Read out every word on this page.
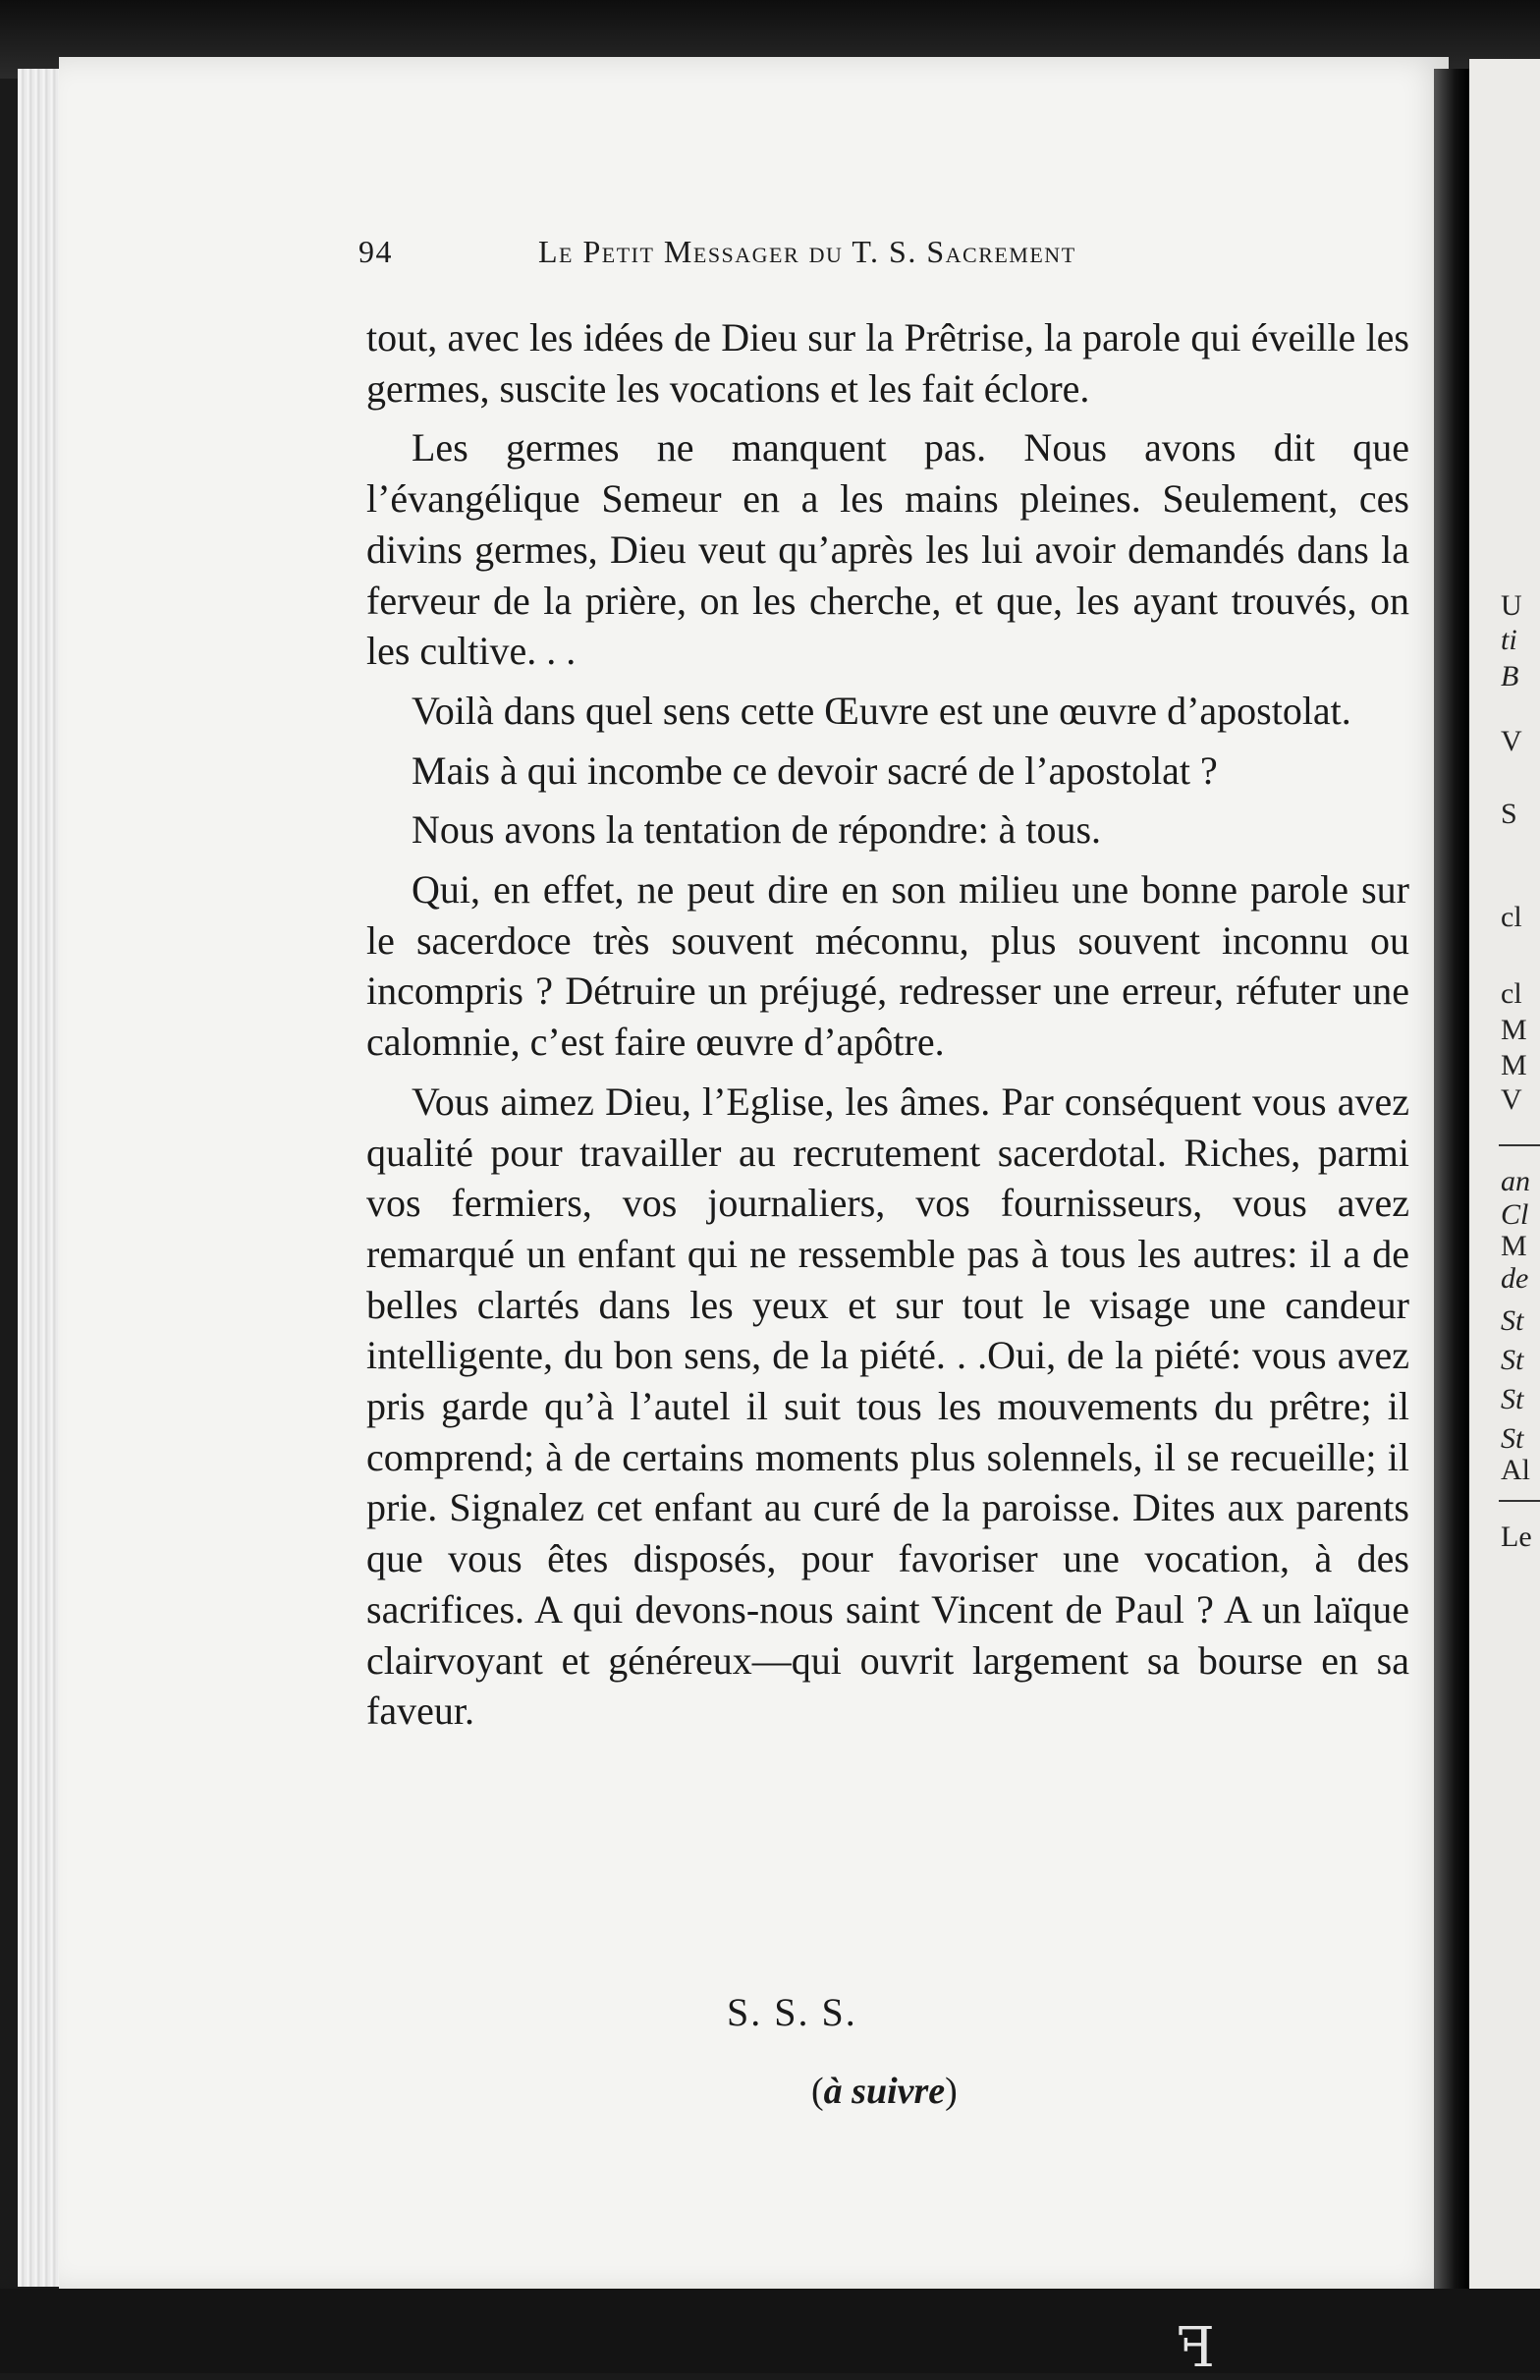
U
ti
B
V
S
cl
cl
M
M
V
an
Cl
M
de
St
St
St
St
Al
Le
94	Le Petit Messager du T. S. Sacrement

tout, avec les idées de Dieu sur la Prêtrise, la parole qui éveille les germes, suscite les vocations et les fait éclore.

Les germes ne manquent pas. Nous avons dit que l’évangélique Semeur en a les mains pleines. Seulement, ces divins germes, Dieu veut qu’après les lui avoir demandés dans la ferveur de la prière, on les cherche, et que, les ayant trouvés, on les cultive. . .

Voilà dans quel sens cette Œuvre est une œuvre d’apostolat.

Mais à qui incombe ce devoir sacré de l’apostolat ?

Nous avons la tentation de répondre: à tous.

Qui, en effet, ne peut dire en son milieu une bonne parole sur le sacerdoce très souvent méconnu, plus souvent inconnu ou incompris ? Détruire un préjugé, redresser une erreur, réfuter une calomnie, c’est faire œuvre d’apôtre.

Vous aimez Dieu, l’Eglise, les âmes. Par conséquent vous avez qualité pour travailler au recrutement sacerdotal. Riches, parmi vos fermiers, vos journaliers, vos fournisseurs, vous avez remarqué un enfant qui ne ressemble pas à tous les autres: il a de belles clartés dans les yeux et sur tout le visage une candeur intelligente, du bon sens, de la piété. . .Oui, de la piété: vous avez pris garde qu’à l’autel il suit tous les mouvements du prêtre; il comprend; à de certains moments plus solennels, il se recueille; il prie. Signalez cet enfant au curé de la paroisse. Dites aux parents que vous êtes disposés, pour favoriser une vocation, à des sacrifices. A qui devons-nous saint Vincent de Paul ? A un laïque clairvoyant et généreux—qui ouvrit largement sa bourse en sa faveur.

S. S. S.
(à suivre)
ꟻ
